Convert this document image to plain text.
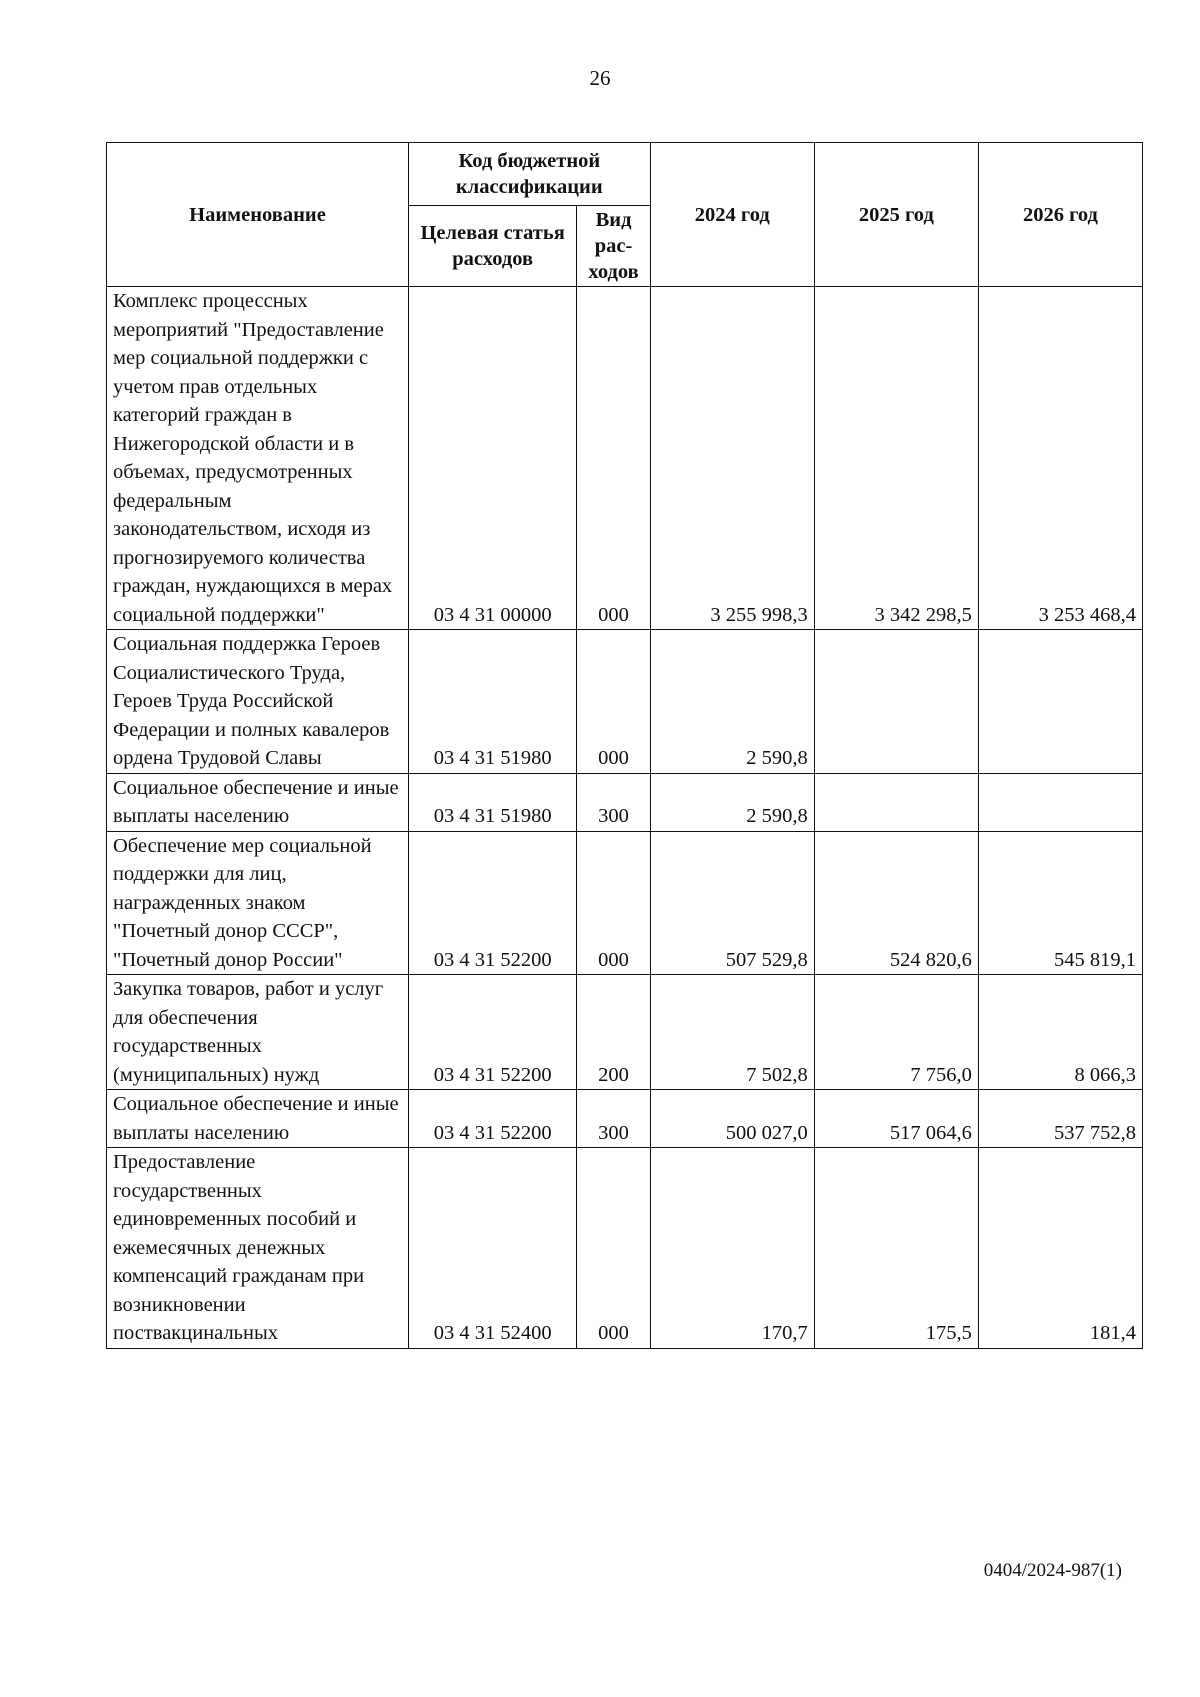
26
Наименование	Код бюджетной классификации		2024 год	2025 год	2026 год
	Целевая статья расходов	Вид рас-ходов			
Комплекс процессных мероприятий "Предоставление мер социальной поддержки с учетом прав отдельных категорий граждан в Нижегородской области и в объемах, предусмотренных федеральным законодательством, исходя из прогнозируемого количества граждан, нуждающихся в мерах социальной поддержки"	03 4 31 00000	000	3 255 998,3	3 342 298,5	3 253 468,4
Социальная поддержка Героев Социалистического Труда, Героев Труда Российской Федерации и полных кавалеров ордена Трудовой Славы	03 4 31 51980	000	2 590,8		
Социальное обеспечение и иные выплаты населению	03 4 31 51980	300	2 590,8		
Обеспечение мер социальной поддержки для лиц, награжденных знаком "Почетный донор СССР", "Почетный донор России"	03 4 31 52200	000	507 529,8	524 820,6	545 819,1
Закупка товаров, работ и услуг для обеспечения государственных (муниципальных) нужд	03 4 31 52200	200	7 502,8	7 756,0	8 066,3
Социальное обеспечение и иные выплаты населению	03 4 31 52200	300	500 027,0	517 064,6	537 752,8
Предоставление государственных единовременных пособий и ежемесячных денежных компенсаций гражданам при возникновении поствакцинальных	03 4 31 52400	000	170,7	175,5	181,4
0404/2024-987(1)
